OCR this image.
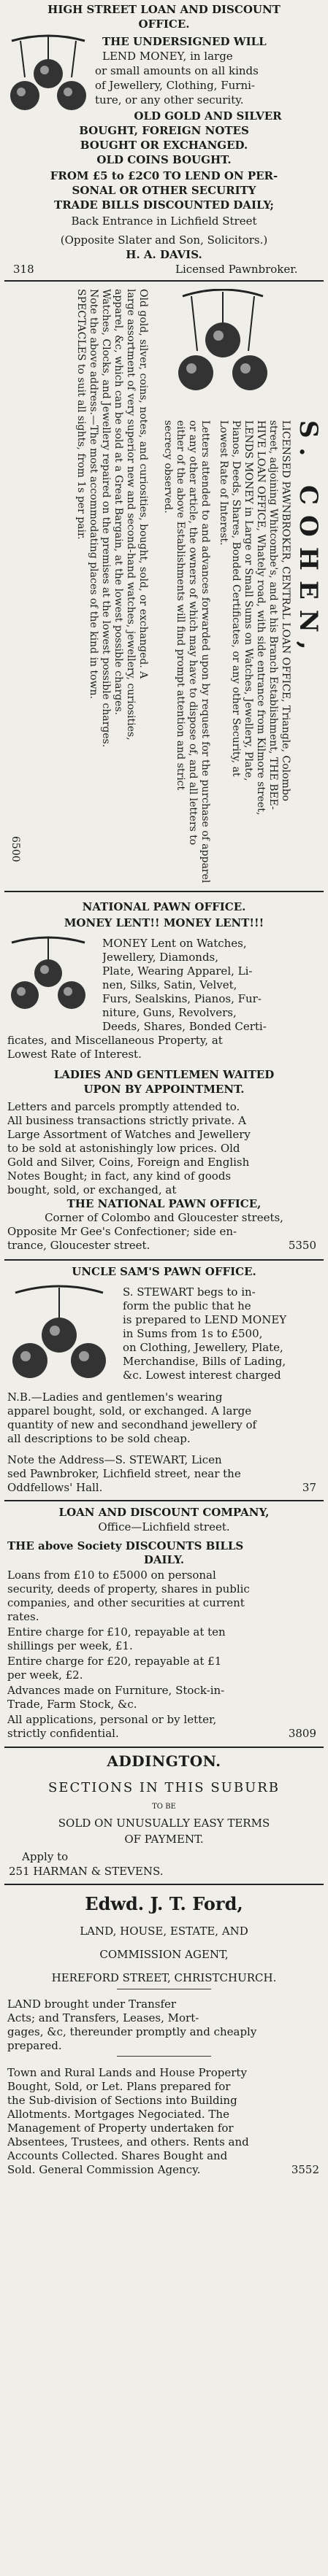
HIGH STREET LOAN AND DISCOUNT
OFFICE.
THE UNDERSIGNED WILL
LEND MONEY, in large
or small amounts on all kinds
of Jewellery, Clothing, Furni-
ture, or any other security.
OLD GOLD AND SILVER
BOUGHT, FOREIGN NOTES
BOUGHT OR EXCHANGED.
OLD COINS BOUGHT.
FROM £5 to £2C0 TO LEND ON PER-
SONAL OR OTHER SECURITY
TRADE BILLS DISCOUNTED DAILY;
Back Entrance in Lichfield Street
(Opposite Slater and Son, Solicitors.)
H. A. DAVIS.
318	Licensed Pawnbroker.
S. COHEN,
LICENSED PAWNBROKER, CENTRAL LOAN OFFICE, Triangle, Colombo
street, adjoining Whitcombe's, and at his Branch Establishment, THE BEE-
HIVE LOAN OFFICE, Whately road, with side entrance from Kilmore street,
LENDS MONEY in Large or Small Sums on Watches, Jewellery, Plate,
Pianos, Deeds, Shares, Bonded Certificates, or any other Security, at
Lowest Rate of Interest.
Letters attended to and advances forwarded upon by request for the purchase of apparel
or any other article, the owners of which may have to dispose of, and all letters to
either of the above Establishments will find prompt attention and strict
secrecy observed.
Old gold, silver, coins, notes, and curiosities, bought, sold, or exchanged. A
large assortment of very superior new and second-hand watches, jewellery, curiosities,
apparel, &c, which can be sold at a Great Bargain, at the lowest possible charges.
Watches, Clocks, and Jewellery repaired on the premises at the lowest possible charges.
Note the above address.—The most accommodating places of the kind in town.
SPECTACLES to suit all sights, from 1s per pair.
6500
NATIONAL PAWN OFFICE.
MONEY LENT!! MONEY LENT!!!
MONEY Lent on Watches,
Jewellery, Diamonds,
Plate, Wearing Apparel, Li-
nen, Silks, Satin, Velvet,
Furs, Sealskins, Pianos, Fur-
niture, Guns, Revolvers,
Deeds, Shares, Bonded Certi-
ficates, and Miscellaneous Property, at
Lowest Rate of Interest.
LADIES AND GENTLEMEN WAITED
UPON BY APPOINTMENT.
Letters and parcels promptly attended to.
All business transactions strictly private. A
Large Assortment of Watches and Jewellery
to be sold at astonishingly low prices. Old
Gold and Silver, Coins, Foreign and English
Notes Bought; in fact, any kind of goods
bought, sold, or exchanged, at
THE NATIONAL PAWN OFFICE,
Corner of Colombo and Gloucester streets,
Opposite Mr Gee's Confectioner; side en-
trance, Gloucester street.	5350
UNCLE SAM'S PAWN OFFICE.
S. STEWART begs to in-
form the public that he
is prepared to LEND MONEY
in Sums from 1s to £500,
on Clothing, Jewellery, Plate,
Merchandise, Bills of Lading,
&c. Lowest interest charged
N.B.—Ladies and gentlemen's wearing
apparel bought, sold, or exchanged. A large
quantity of new and secondhand jewellery of
all descriptions to be sold cheap.
Note the Address—S. STEWART, Licen
sed Pawnbroker, Lichfield street, near the
Oddfellows' Hall.	37
LOAN AND DISCOUNT COMPANY,
Office—Lichfield street.
THE above Society DISCOUNTS BILLS
DAILY.
Loans from £10 to £5000 on personal
security, deeds of property, shares in public
companies, and other securities at current
rates.
Entire charge for £10, repayable at ten
shillings per week, £1.
Entire charge for £20, repayable at £1
per week, £2.
Advances made on Furniture, Stock-in-
Trade, Farm Stock, &c.
All applications, personal or by letter,
strictly confidential.	3809
ADDINGTON.
SECTIONS IN THIS SUBURB
TO BE
SOLD ON UNUSUALLY EASY TERMS
OF PAYMENT.
Apply to
251 HARMAN & STEVENS.
Edwd. J. T. Ford,
LAND, HOUSE, ESTATE, AND
COMMISSION AGENT,
HEREFORD STREET, CHRISTCHURCH.
LAND brought under Transfer
Acts; and Transfers, Leases, Mort-
gages, &c, thereunder promptly and cheaply
prepared.
Town and Rural Lands and House Property
Bought, Sold, or Let. Plans prepared for
the Sub-division of Sections into Building
Allotments. Mortgages Negociated. The
Management of Property undertaken for
Absentees, Trustees, and others. Rents and
Accounts Collected. Shares Bought and
Sold. General Commission Agency.	3552
